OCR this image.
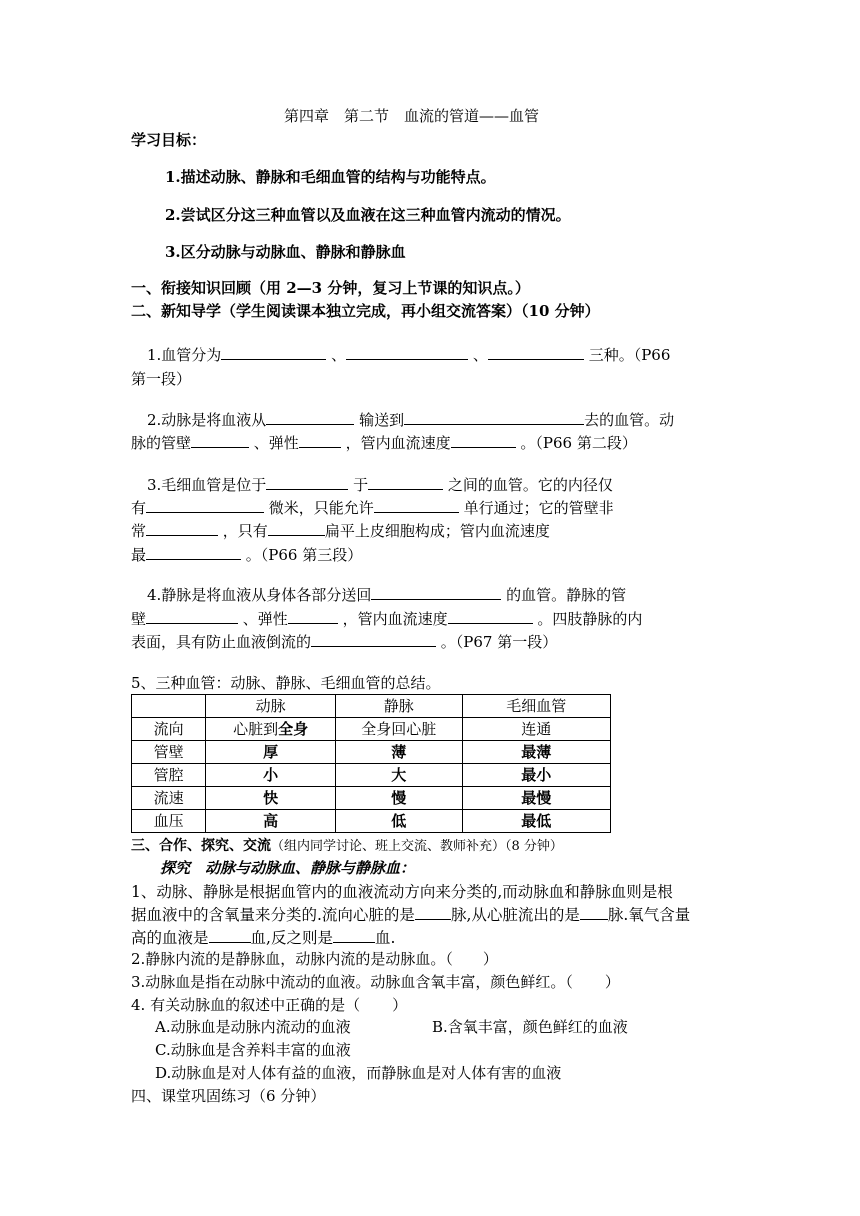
第四章　第二节　血流的管道——血管
学习目标：
1.描述动脉、静脉和毛细血管的结构与功能特点。
2.尝试区分这三种血管以及血液在这三种血管内流动的情况。
3.区分动脉与动脉血、静脉和静脉血
一、衔接知识回顾（用 2—3 分钟，复习上节课的知识点。）
二、新知导学（学生阅读课本独立完成，再小组交流答案）（10 分钟）
1.血管分为	、	、	三种。（P66
第一段）
2.动脉是将血液从	输送到	去的血管。动
脉的管壁	、弹性	，管内血流速度	。（P66 第二段）
3.毛细血管是位于	于	之间的血管。它的内径仅
有	微米，只能允许	单行通过；它的管壁非
常	，只有	扁平上皮细胞构成；管内血流速度
最	。（P66 第三段）
4.静脉是将血液从身体各部分送回	的血管。静脉的管
壁	、弹性	，管内血流速度	。四肢静脉的内
表面，具有防止血液倒流的	。（P67 第一段）
5、三种血管：动脉、静脉、毛细血管的总结。
	动脉	静脉	毛细血管
流向	心脏到全身	全身回心脏	连通
管壁	厚	薄	最薄
管腔	小	大	最小
流速	快	慢	最慢
血压	高	低	最低
三、合作、探究、交流（组内同学讨论、班上交流、教师补充）（8 分钟）
探究　动脉与动脉血、静脉与静脉血：
1、动脉、静脉是根据血管内的血液流动方向来分类的,而动脉血和静脉血则是根
据血液中的含氧量来分类的.流向心脏的是 脉,从心脏流出的是 脉.氧气含量
高的血液是	血,反之则是	血.
2.静脉内流的是静脉血，动脉内流的是动脉血。（ ）
3.动脉血是指在动脉中流动的血液。动脉血含氧丰富，颜色鲜红。（ ）
4. 有关动脉血的叙述中正确的是（ ）
A.动脉血是动脉内流动的血液	B.含氧丰富，颜色鲜红的血液
C.动脉血是含养料丰富的血液
D.动脉血是对人体有益的血液，而静脉血是对人体有害的血液
四、课堂巩固练习（6 分钟）
